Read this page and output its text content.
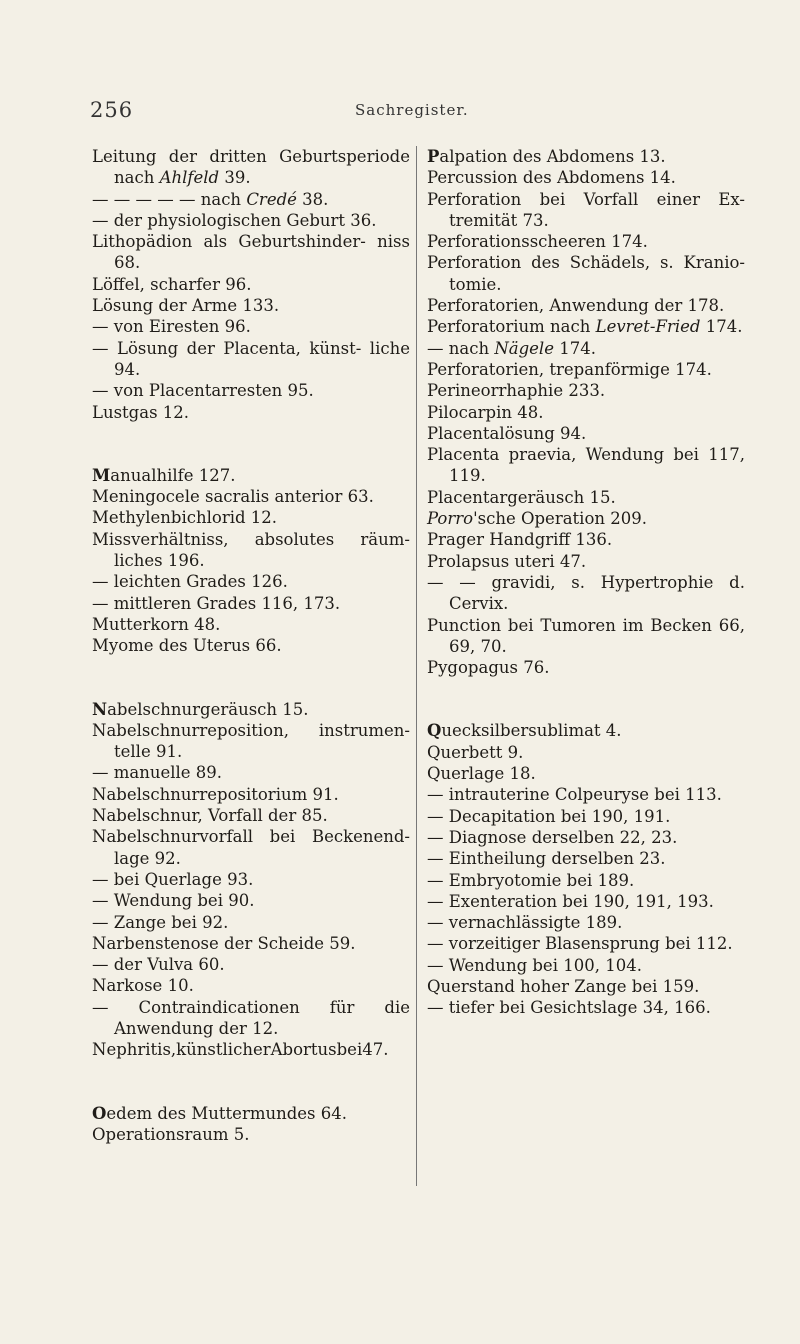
256	Sachregister.
Leitung der dritten Geburtsperiode nach Ahlfeld 39.
— — — — — nach Credé 38.
— der physiologischen Geburt 36.
Lithopädion als Geburtshinder- niss 68.
Löffel, scharfer 96.
Lösung der Arme 133.
— von Eiresten 96.
— Lösung der Placenta, künst- liche 94.
— von Placentarresten 95.
Lustgas 12.
Manualhilfe 127.
Meningocele sacralis anterior 63.
Methylenbichlorid 12.
Missverhältniss, absolutes räum- liches 196.
— leichten Grades 126.
— mittleren Grades 116, 173.
Mutterkorn 48.
Myome des Uterus 66.
Nabelschnurgeräusch 15.
Nabelschnurreposition, instrumen- telle 91.
— manuelle 89.
Nabelschnurrepositorium 91.
Nabelschnur, Vorfall der 85.
Nabelschnurvorfall bei Beckenend- lage 92.
— bei Querlage 93.
— Wendung bei 90.
— Zange bei 92.
Narbenstenose der Scheide 59.
— der Vulva 60.
Narkose 10.
— Contraindicationen für die Anwendung der 12.
Nephritis,künstlicherAbortusbei47.
Oedem des Muttermundes 64.
Operationsraum 5.
Palpation des Abdomens 13.
Percussion des Abdomens 14.
Perforation bei Vorfall einer Ex- tremität 73.
Perforationsscheeren 174.
Perforation des Schädels, s. Kranio- tomie.
Perforatorien, Anwendung der 178.
Perforatorium nach Levret-Fried 174.
— nach Nägele 174.
Perforatorien, trepanförmige 174.
Perineorrhaphie 233.
Pilocarpin 48.
Placentalösung 94.
Placenta praevia, Wendung bei 117, 119.
Placentargeräusch 15.
Porro'sche Operation 209.
Prager Handgriff 136.
Prolapsus uteri 47.
— — gravidi, s. Hypertrophie d. Cervix.
Punction bei Tumoren im Becken 66, 69, 70.
Pygopagus 76.
Quecksilbersublimat 4.
Querbett 9.
Querlage 18.
— intrauterine Colpeuryse bei 113.
— Decapitation bei 190, 191.
— Diagnose derselben 22, 23.
— Eintheilung derselben 23.
— Embryotomie bei 189.
— Exenteration bei 190, 191, 193.
— vernachlässigte 189.
— vorzeitiger Blasensprung bei 112.
— Wendung bei 100, 104.
Querstand hoher Zange bei 159.
— tiefer bei Gesichtslage 34, 166.
